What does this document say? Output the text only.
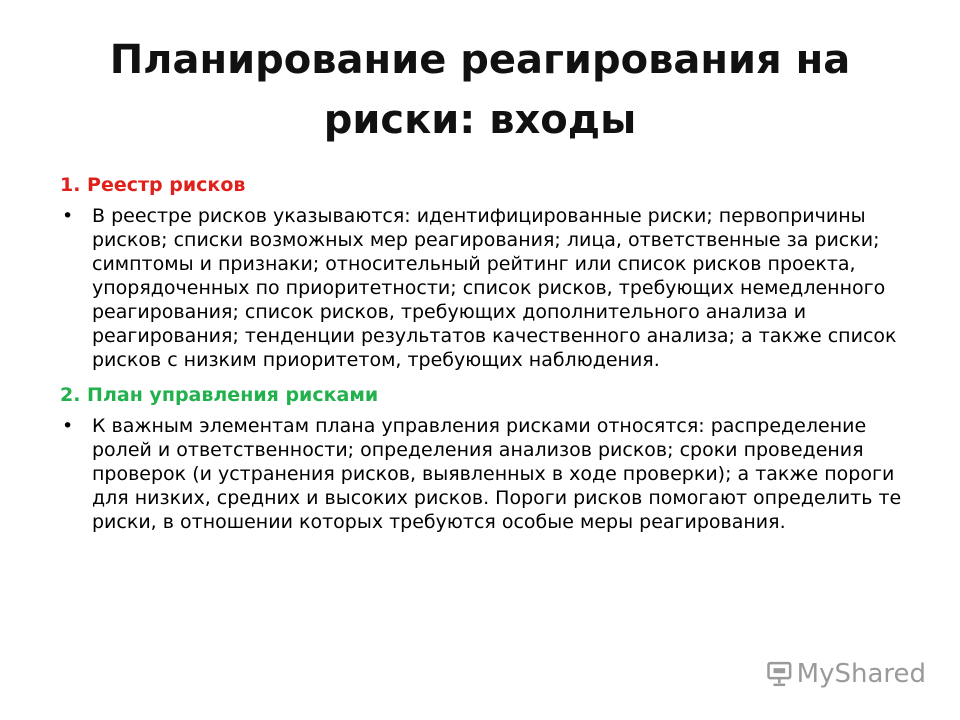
Планирование реагирования на риски: входы

1. Реестр рисков

• В реестре рисков указываются: идентифицированные риски; первопричины рисков; списки возможных мер реагирования; лица, ответственные за риски; симптомы и признаки; относительный рейтинг или список рисков проекта, упорядоченных по приоритетности; список рисков, требующих немедленного реагирования; список рисков, требующих дополнительного анализа и реагирования; тенденции результатов качественного анализа; а также список рисков с низким приоритетом, требующих наблюдения.

2. План управления рисками

• К важным элементам плана управления рисками относятся: распределение ролей и ответственности; определения анализов рисков; сроки проведения проверок (и устранения рисков, выявленных в ходе проверки); а также пороги для низких, средних и высоких рисков. Пороги рисков помогают определить те риски, в отношении которых требуются особые меры реагирования.
MyShared
